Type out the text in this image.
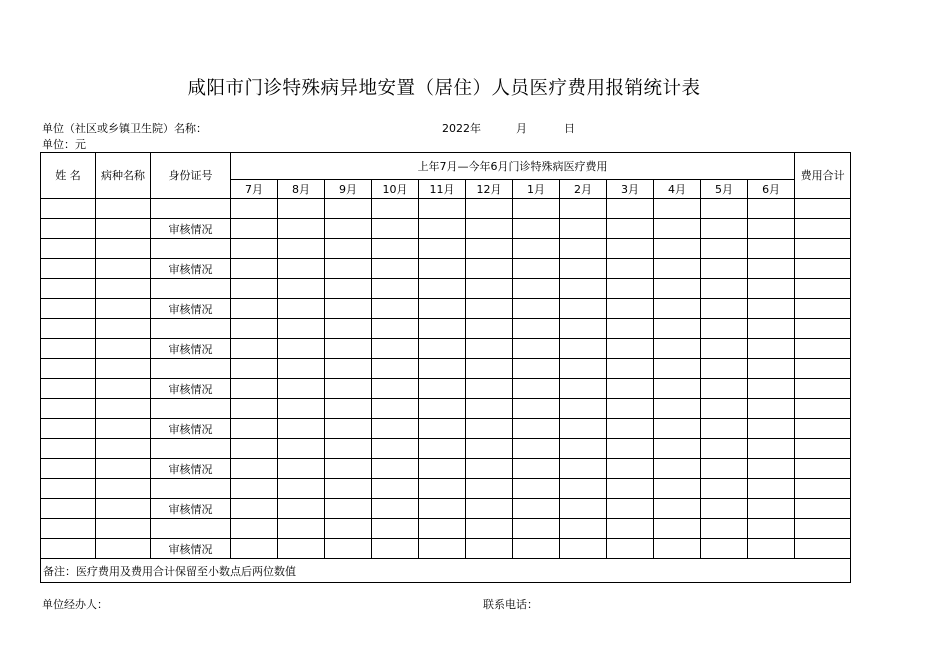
咸阳市门诊特殊病异地安置（居住）人员医疗费用报销统计表
单位（社区或乡镇卫生院）名称：	2022年	月	日
单位：元
姓 名	病种名称	身份证号	上年7月—今年6月门诊特殊病医疗费用												费用合计
			7月	8月	9月	10月	11月	12月	1月	2月	3月	4月	5月	6月	

		审核情况													

		审核情况													

		审核情况													

		审核情况													

		审核情况													

		审核情况													

		审核情况													

		审核情况													

		审核情况													
备注：医疗费用及费用合计保留至小数点后两位数值															
单位经办人：	联系电话：
